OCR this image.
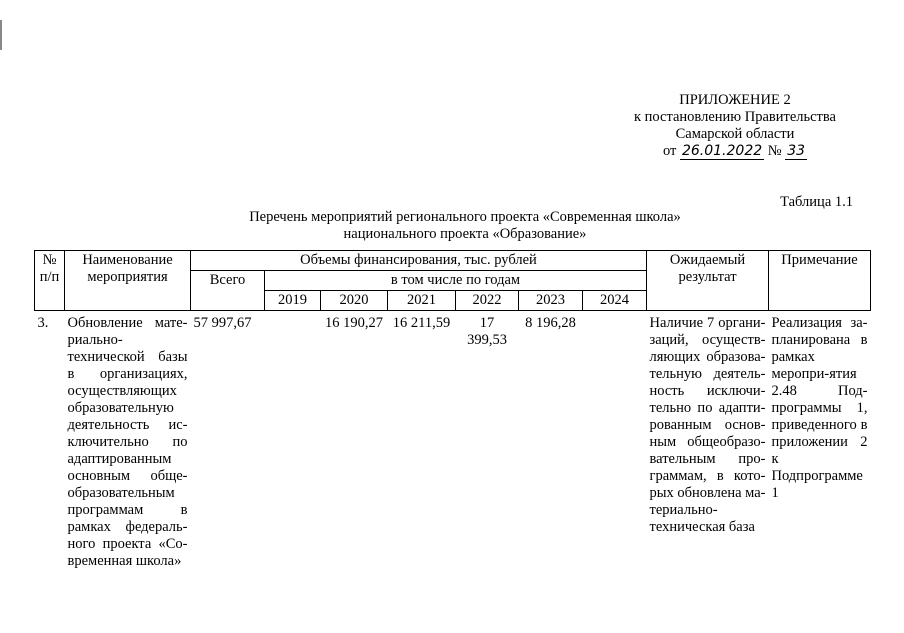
ПРИЛОЖЕНИЕ 2
к постановлению Правительства
Самарской области
от 26.01.2022 № 33
Таблица 1.1
Перечень мероприятий регионального проекта «Современная школа»
национального проекта «Образование»
№ п/п	Наименование мероприятия	Объемы финансирования, тыс. рублей							Ожидаемый результат	Примечание
		Всего	в том числе по годам							
			2019	2020	2021	2022	2023	2024		
3.	Обновление мате-риально-технической базы в организациях, осуществляющих образовательную деятельность ис-ключительно по адаптированным основным обще-образовательным программам в рамках федераль-ного проекта «Со-временная школа»	57 997,67		16 190,27	16 211,59	17 399,53	8 196,28		Наличие 7 органи-заций, осуществ-ляющих образова-тельную деятель-ность исключи-тельно по адапти-рованным основ-ным общеобразо-вательным про-граммам, в кото-рых обновлена ма-териально-техническая база	Реализация за-планирована в рамках меропри-ятия 2.48 Под-программы 1, приведенного в приложении 2 к Подпрограмме 1
